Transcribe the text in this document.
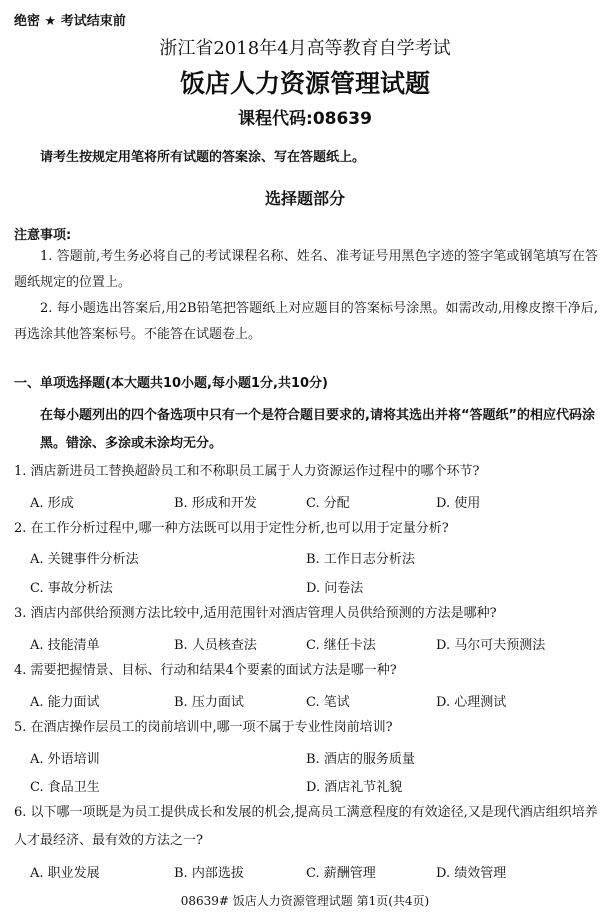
绝密 ★ 考试结束前
浙江省2018年4月高等教育自学考试
饭店人力资源管理试题
课程代码:08639
请考生按规定用笔将所有试题的答案涂、写在答题纸上。
选择题部分
注意事项:
1. 答题前,考生务必将自己的考试课程名称、姓名、准考证号用黑色字迹的签字笔或钢笔填写在答题纸规定的位置上。
2. 每小题选出答案后,用2B铅笔把答题纸上对应题目的答案标号涂黑。如需改动,用橡皮擦干净后,再选涂其他答案标号。不能答在试题卷上。
一、单项选择题(本大题共10小题,每小题1分,共10分)
在每小题列出的四个备选项中只有一个是符合题目要求的,请将其选出并将“答题纸”的相应代码涂黑。错涂、多涂或未涂均无分。
1. 酒店新进员工替换超龄员工和不称职员工属于人力资源运作过程中的哪个环节?
A. 形成	B. 形成和开发	C. 分配	D. 使用
2. 在工作分析过程中,哪一种方法既可以用于定性分析,也可以用于定量分析?
A. 关键事件分析法	B. 工作日志分析法
C. 事故分析法	D. 问卷法
3. 酒店内部供给预测方法比较中,适用范围针对酒店管理人员供给预测的方法是哪种?
A. 技能清单	B. 人员核查法	C. 继任卡法	D. 马尔可夫预测法
4. 需要把握情景、目标、行动和结果4个要素的面试方法是哪一种?
A. 能力面试	B. 压力面试	C. 笔试	D. 心理测试
5. 在酒店操作层员工的岗前培训中,哪一项不属于专业性岗前培训?
A. 外语培训	B. 酒店的服务质量
C. 食品卫生	D. 酒店礼节礼貌
6. 以下哪一项既是为员工提供成长和发展的机会,提高员工满意程度的有效途径,又是现代酒店组织培养人才最经济、最有效的方法之一?
A. 职业发展	B. 内部选拔	C. 薪酬管理	D. 绩效管理
08639# 饭店人力资源管理试题 第1页(共4页)
